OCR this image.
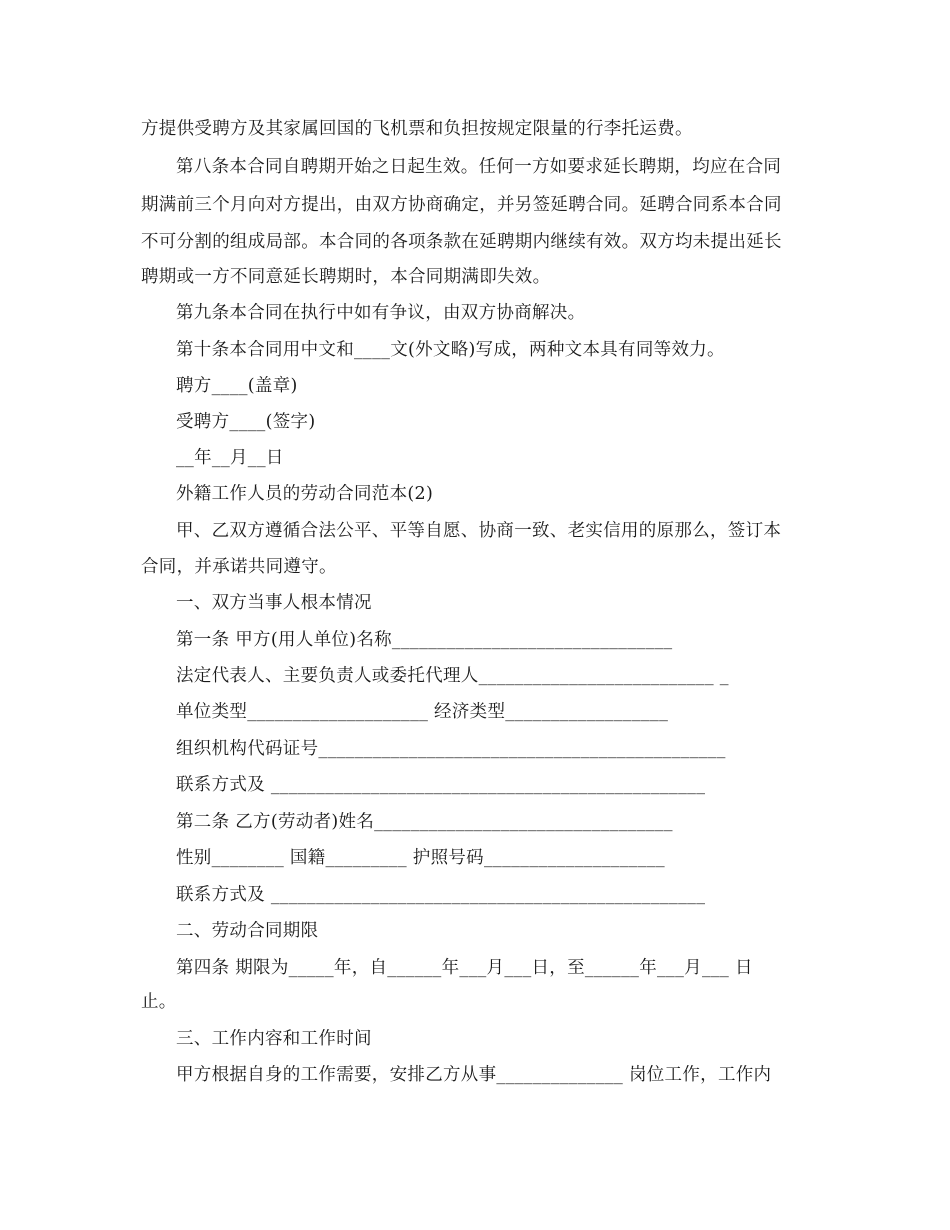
方提供受聘方及其家属回国的飞机票和负担按规定限量的行李托运费。
第八条本合同自聘期开始之日起生效。任何一方如要求延长聘期，均应在合同
期满前三个月向对方提出，由双方协商确定，并另签延聘合同。延聘合同系本合同
不可分割的组成局部。本合同的各项条款在延聘期内继续有效。双方均未提出延长
聘期或一方不同意延长聘期时，本合同期满即失效。
第九条本合同在执行中如有争议，由双方协商解决。
第十条本合同用中文和____文(外文略)写成，两种文本具有同等效力。
聘方____(盖章)
受聘方____(签字)
__年__月__日
外籍工作人员的劳动合同范本(2)
甲、乙双方遵循合法公平、平等自愿、协商一致、老实信用的原那么，签订本
合同，并承诺共同遵守。
一、双方当事人根本情况
第一条 甲方(用人单位)名称_______________________________
法定代表人、主要负责人或委托代理人__________________________ _
单位类型____________________ 经济类型__________________
组织机构代码证号_____________________________________________
联系方式及 ________________________________________________
第二条 乙方(劳动者)姓名_________________________________
性别________ 国籍_________ 护照号码____________________
联系方式及 ________________________________________________
二、劳动合同期限
第四条 期限为_____年，自______年___月___日，至______年___月___ 日
止。
三、工作内容和工作时间
甲方根据自身的工作需要，安排乙方从事______________ 岗位工作，工作内
